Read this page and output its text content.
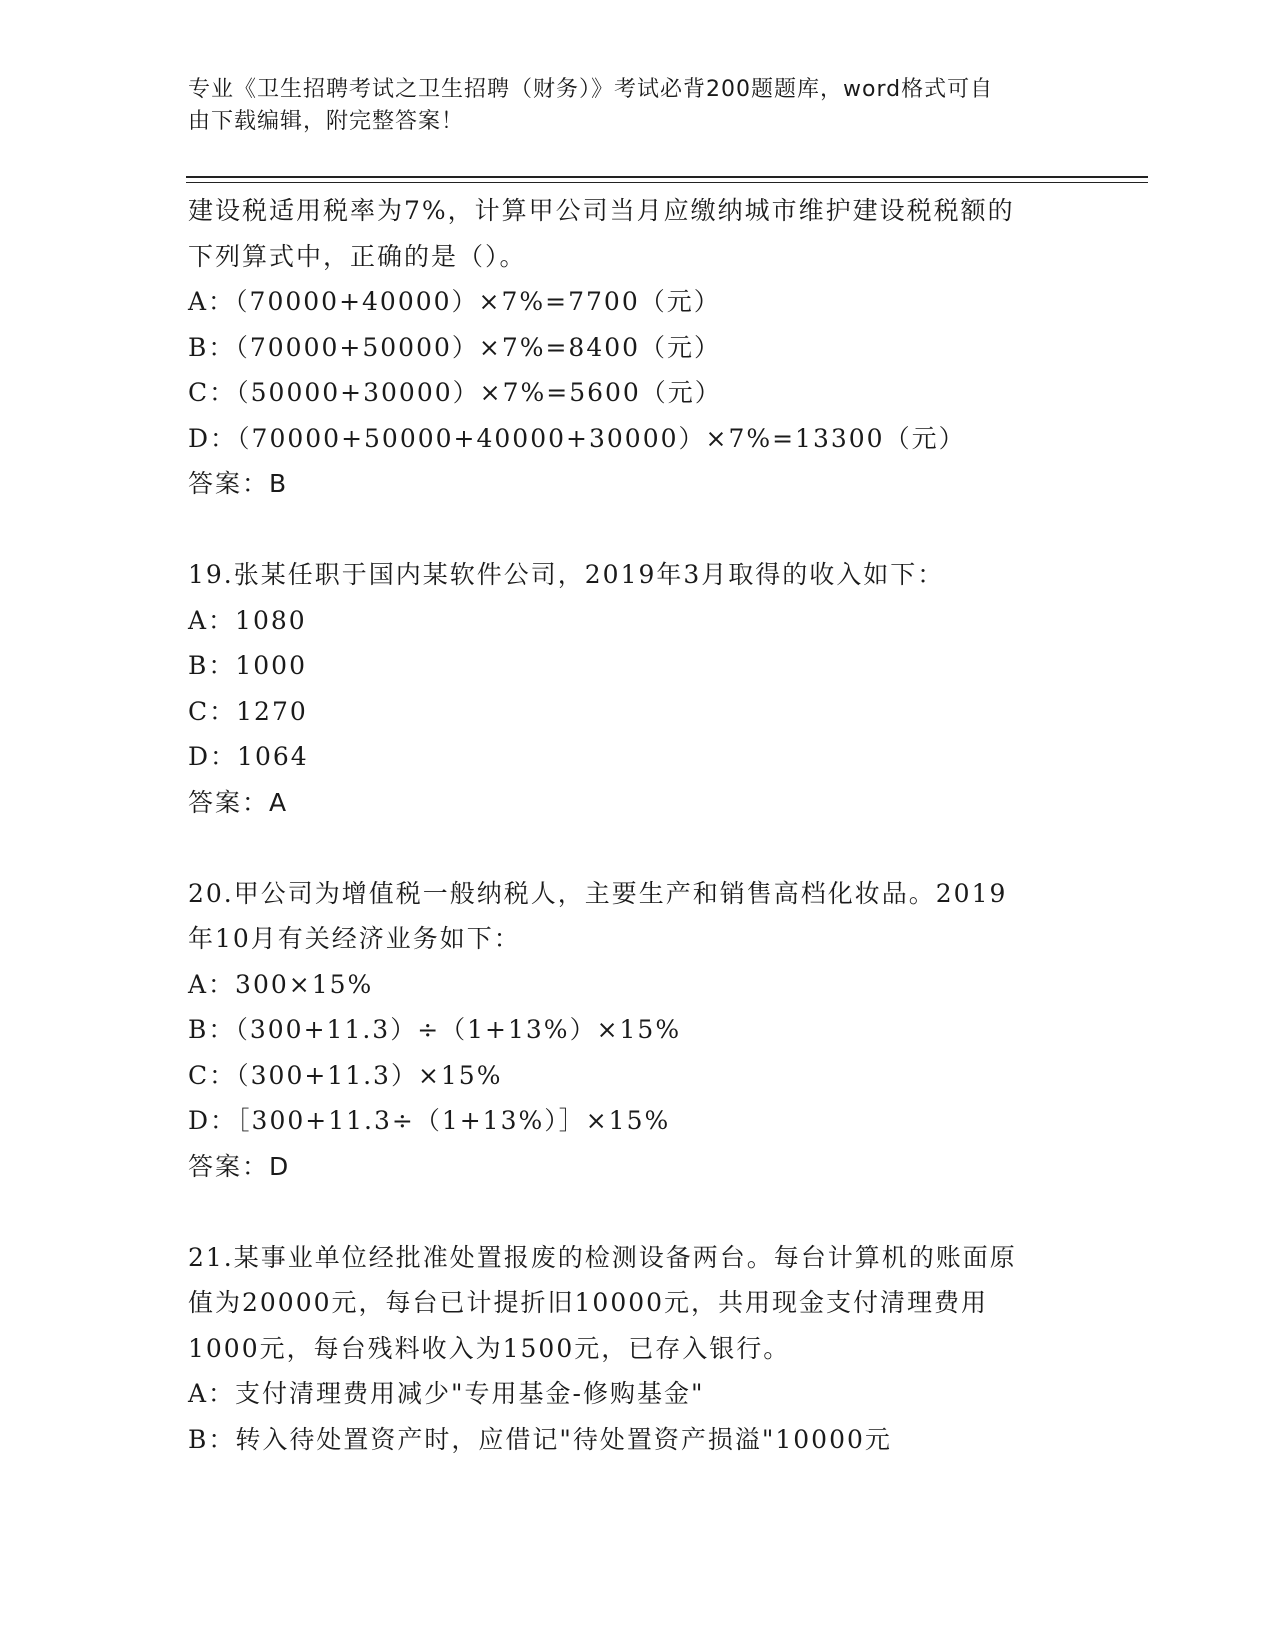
专业《卫生招聘考试之卫生招聘（财务）》考试必背200题题库，word格式可自
由下载编辑，附完整答案！
建设税适用税率为7%，计算甲公司当月应缴纳城市维护建设税税额的
下列算式中，正确的是（）。
A：（70000+40000）×7%=7700（元）
B：（70000+50000）×7%=8400（元）
C：（50000+30000）×7%=5600（元）
D：（70000+50000+40000+30000）×7%=13300（元）
答案：B
19.张某任职于国内某软件公司，2019年3月取得的收入如下：
A：1080
B：1000
C：1270
D：1064
答案：A
20.甲公司为增值税一般纳税人，主要生产和销售高档化妆品。2019
年10月有关经济业务如下：
A：300×15%
B：（300+11.3）÷（1+13%）×15%
C：（300+11.3）×15%
D：［300+11.3÷（1+13%）］×15%
答案：D
21.某事业单位经批准处置报废的检测设备两台。每台计算机的账面原
值为20000元，每台已计提折旧10000元，共用现金支付清理费用
1000元，每台残料收入为1500元，已存入银行。
A：支付清理费用减少"专用基金-修购基金"
B：转入待处置资产时，应借记"待处置资产损溢"10000元
